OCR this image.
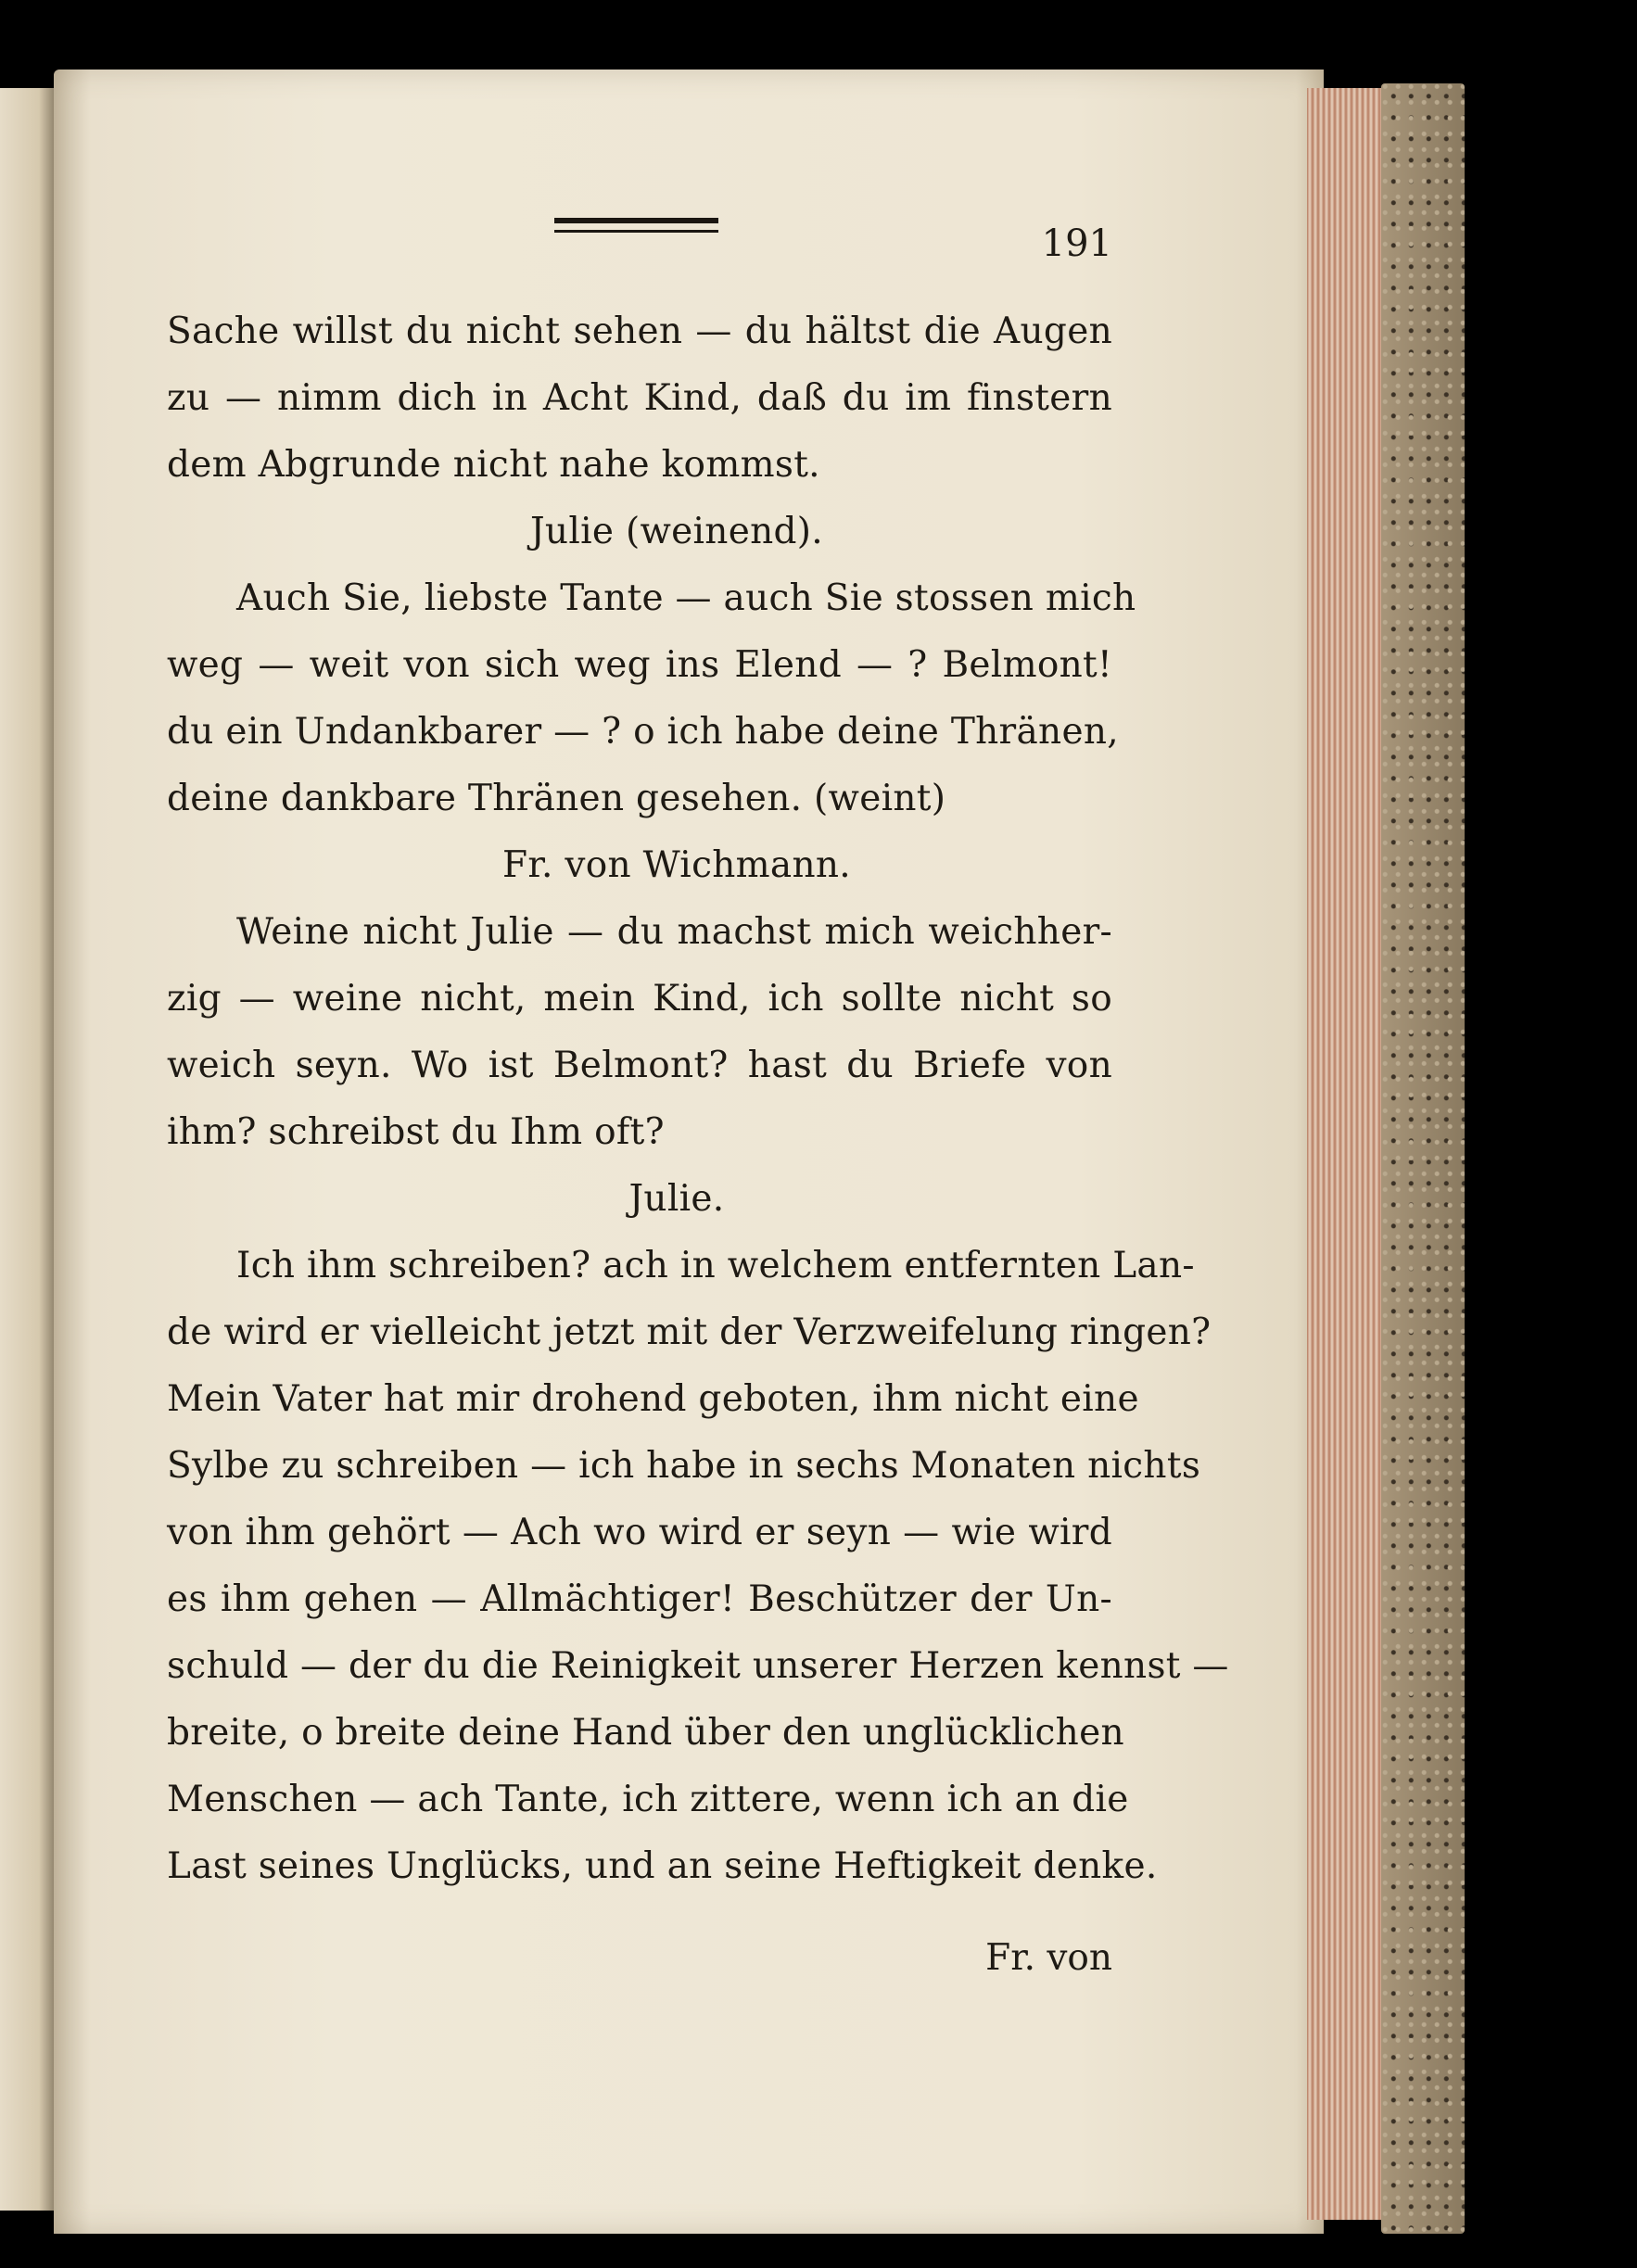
191
Sache willst du nicht sehen — du hältst die Augen
zu — nimm dich in Acht Kind, daß du im finstern
dem Abgrunde nicht nahe kommst.
Julie (weinend).
Auch Sie, liebste Tante — auch Sie stossen mich
weg — weit von sich weg ins Elend — ? Belmont!
du ein Undankbarer — ? o ich habe deine Thränen,
deine dankbare Thränen gesehen. (weint)
Fr. von Wichmann.
Weine nicht Julie — du machst mich weichher-
zig — weine nicht, mein Kind, ich sollte nicht so
weich seyn. Wo ist Belmont? hast du Briefe von
ihm? schreibst du Ihm oft?
Julie.
Ich ihm schreiben? ach in welchem entfernten Lan-
de wird er vielleicht jetzt mit der Verzweifelung ringen?
Mein Vater hat mir drohend geboten, ihm nicht eine
Sylbe zu schreiben — ich habe in sechs Monaten nichts
von ihm gehört — Ach wo wird er seyn — wie wird
es ihm gehen — Allmächtiger! Beschützer der Un-
schuld — der du die Reinigkeit unserer Herzen kennst —
breite, o breite deine Hand über den unglücklichen
Menschen — ach Tante, ich zittere, wenn ich an die
Last seines Unglücks, und an seine Heftigkeit denke.
Fr. von
